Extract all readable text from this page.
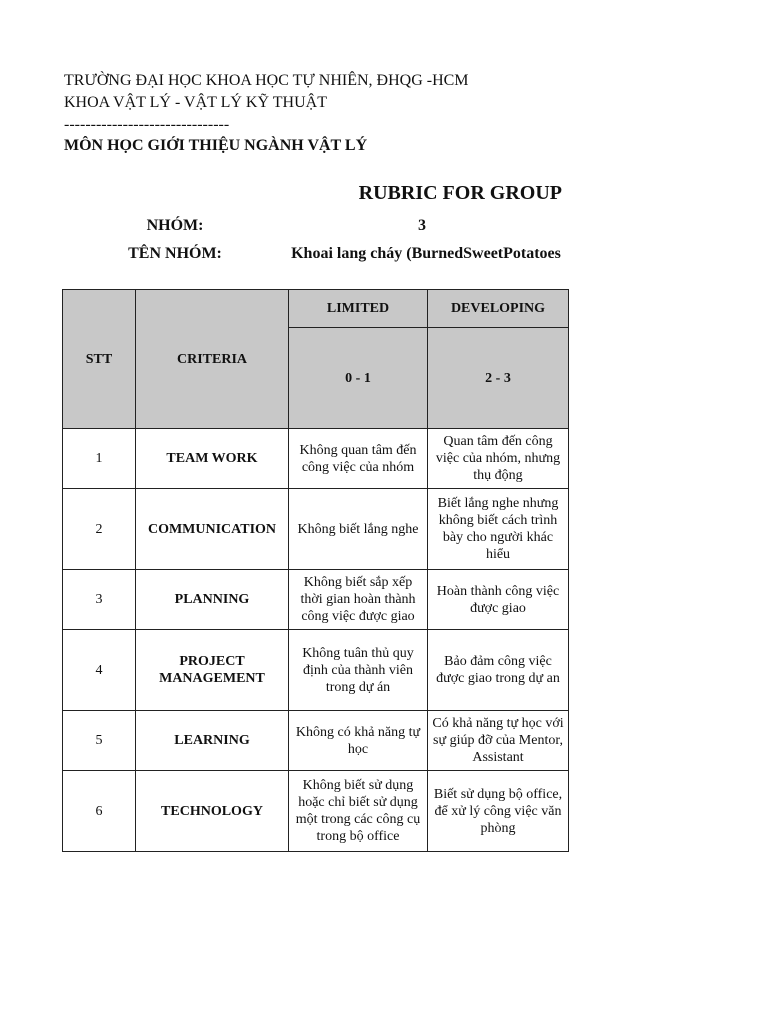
TRƯỜNG ĐẠI HỌC KHOA HỌC TỰ NHIÊN, ĐHQG -HCM
KHOA VẬT LÝ - VẬT LÝ KỸ THUẬT
-------------------------------
MÔN HỌC GIỚI THIỆU NGÀNH VẬT LÝ
RUBRIC FOR GROUP
NHÓM:	3
TÊN NHÓM:	Khoai lang cháy (BurnedSweetPotatoes
STT	CRITERIA	LIMITED	DEVELOPING
		0 - 1	2 - 3
1	TEAM WORK	Không quan tâm đến công việc của nhóm	Quan tâm đến công việc của nhóm, nhưng thụ động
2	COMMUNICATION	Không biết lắng nghe	Biết lắng nghe nhưng không biết cách trình bày cho người khác hiểu
3	PLANNING	Không biết sắp xếp thời gian hoàn thành công việc được giao	Hoàn thành công việc được giao
4	PROJECT MANAGEMENT	Không tuân thủ quy định của thành viên trong dự án	Bảo đảm công việc được giao trong dự an
5	LEARNING	Không có khả năng tự học	Có khả năng tự học với sự giúp đỡ của Mentor, Assistant
6	TECHNOLOGY	Không biết sử dụng hoặc chỉ biết sử dụng một trong các công cụ trong bộ office	Biết sử dụng bộ office, để xử lý công việc văn phòng
